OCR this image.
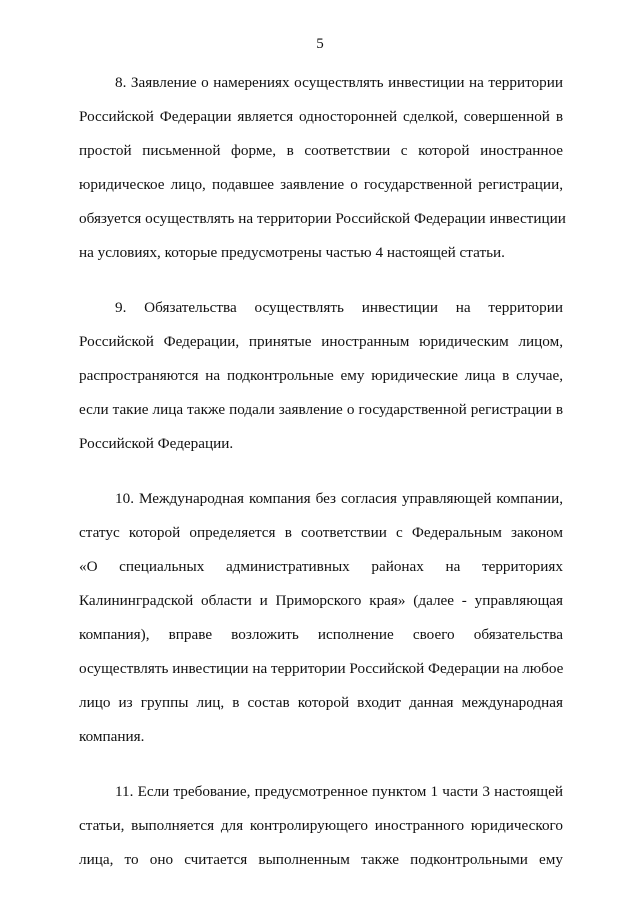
5
8. Заявление о намерениях осуществлять инвестиции на территории
Российской Федерации является односторонней сделкой, совершенной в
простой письменной форме, в соответствии с которой иностранное
юридическое лицо, подавшее заявление о государственной регистрации,
обязуется осуществлять на территории Российской Федерации инвестиции
на условиях, которые предусмотрены частью 4 настоящей статьи.
9. Обязательства осуществлять инвестиции на территории
Российской Федерации, принятые иностранным юридическим лицом,
распространяются на подконтрольные ему юридические лица в случае,
если такие лица также подали заявление о государственной регистрации в
Российской Федерации.
10. Международная компания без согласия управляющей компании,
статус которой определяется в соответствии с Федеральным законом
«О специальных административных районах на территориях
Калининградской области и Приморского края» (далее - управляющая
компания), вправе возложить исполнение своего обязательства
осуществлять инвестиции на территории Российской Федерации на любое
лицо из группы лиц, в состав которой входит данная международная
компания.
11. Если требование, предусмотренное пунктом 1 части 3 настоящей
статьи, выполняется для контролирующего иностранного юридического
лица, то оно считается выполненным также подконтрольными ему
